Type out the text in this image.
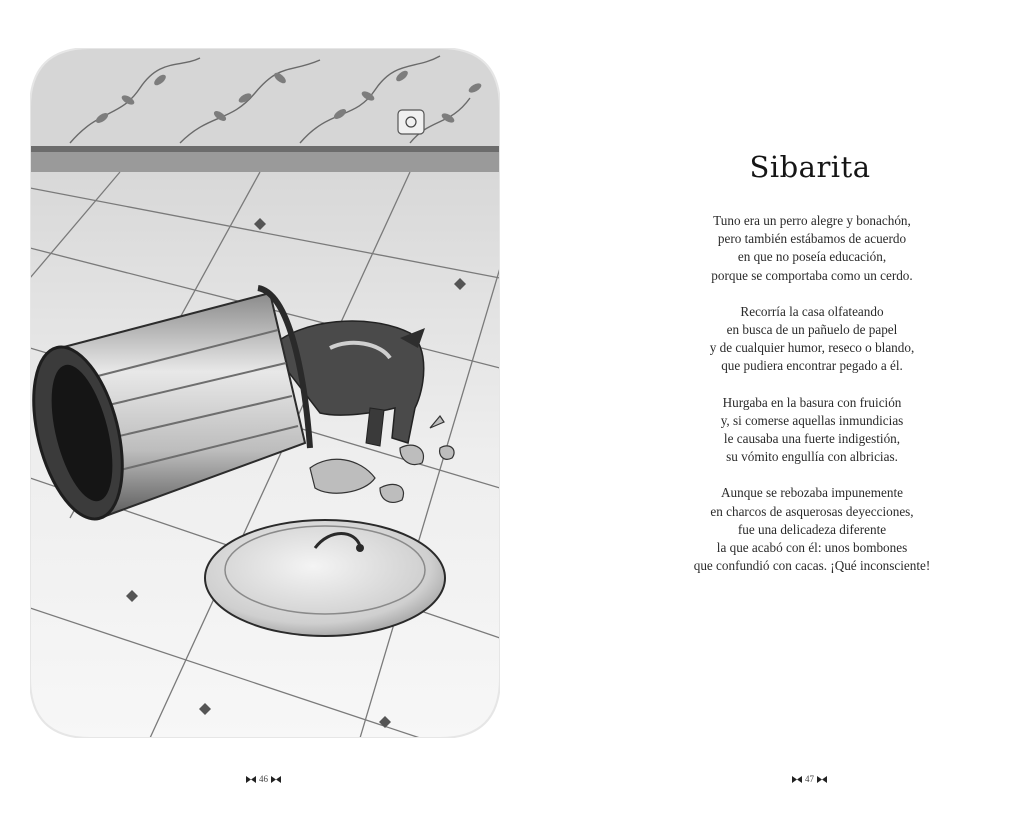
46
Sibarita

Tuno era un perro alegre y bonachón,
pero también estábamos de acuerdo
en que no poseía educación,
porque se comportaba como un cerdo.

Recorría la casa olfateando
en busca de un pañuelo de papel
y de cualquier humor, reseco o blando,
que pudiera encontrar pegado a él.

Hurgaba en la basura con fruición
y, si comerse aquellas inmundicias
le causaba una fuerte indigestión,
su vómito engullía con albricias.

Aunque se rebozaba impunemente
en charcos de asquerosas deyecciones,
fue una delicadeza diferente
la que acabó con él: unos bombones
que confundió con cacas. ¡Qué inconsciente!

47
